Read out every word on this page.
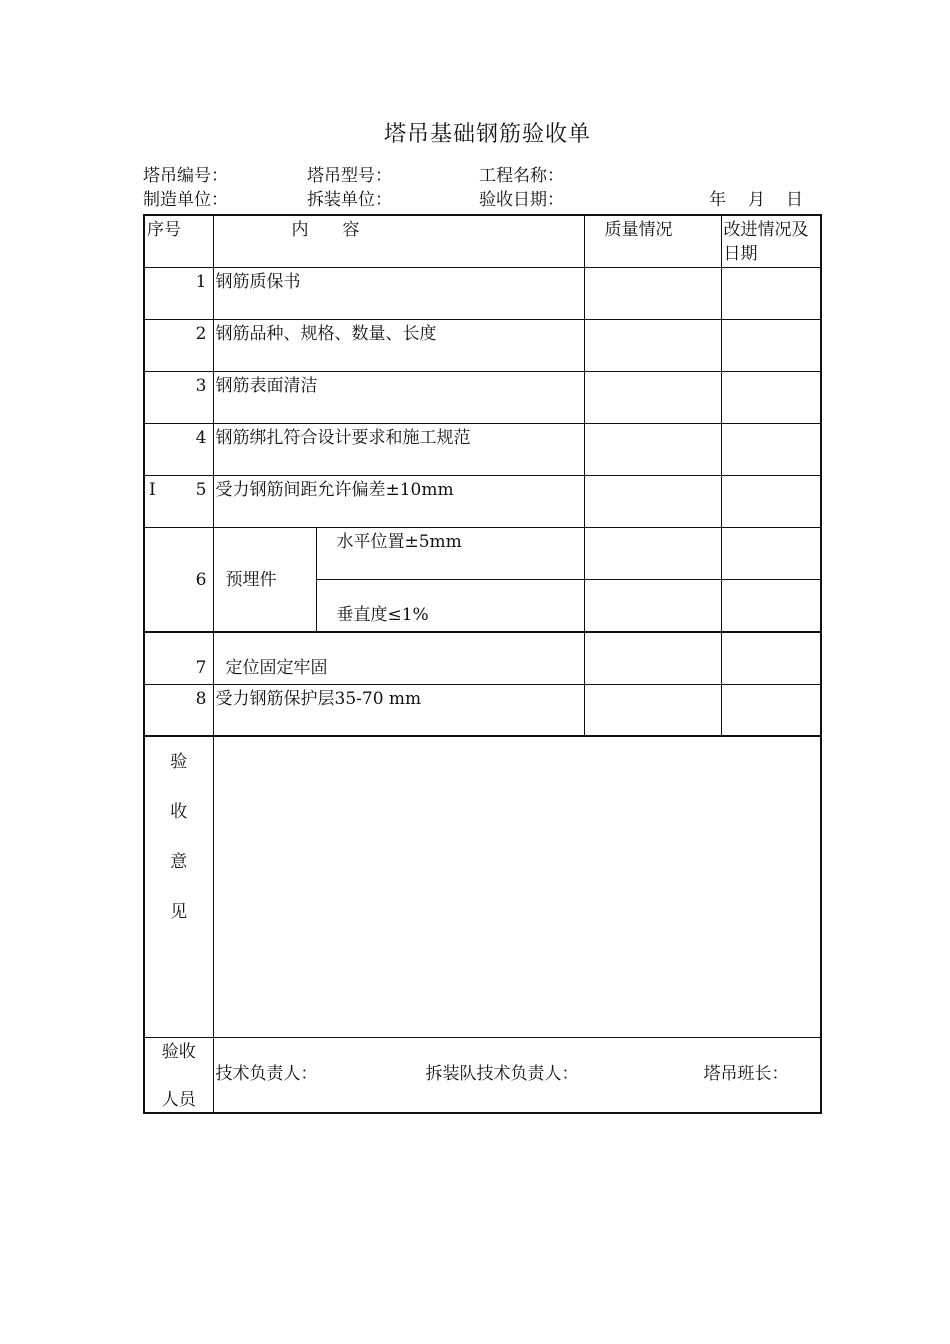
塔吊基础钢筋验收单
塔吊编号：	塔吊型号：	工程名称：
制造单位：	拆装单位：	验收日期：	年 月 日
序号	内　　容		质量情况	改进情况及日期
1	钢筋质保书			
2	钢筋品种、规格、数量、长度			
3	钢筋表面清洁			
4	钢筋绑扎符合设计要求和施工规范			

I 5	受力钢筋间距允许偏差±10mm			
6	预埋件	水平位置±5mm		
		垂直度≤1%		
7	定位固定牢固			
8	受力钢筋保护层35-70 mm			

验
收
意
见				

验收
人员	技术负责人： 拆装队技术负责人： 塔吊班长：			
